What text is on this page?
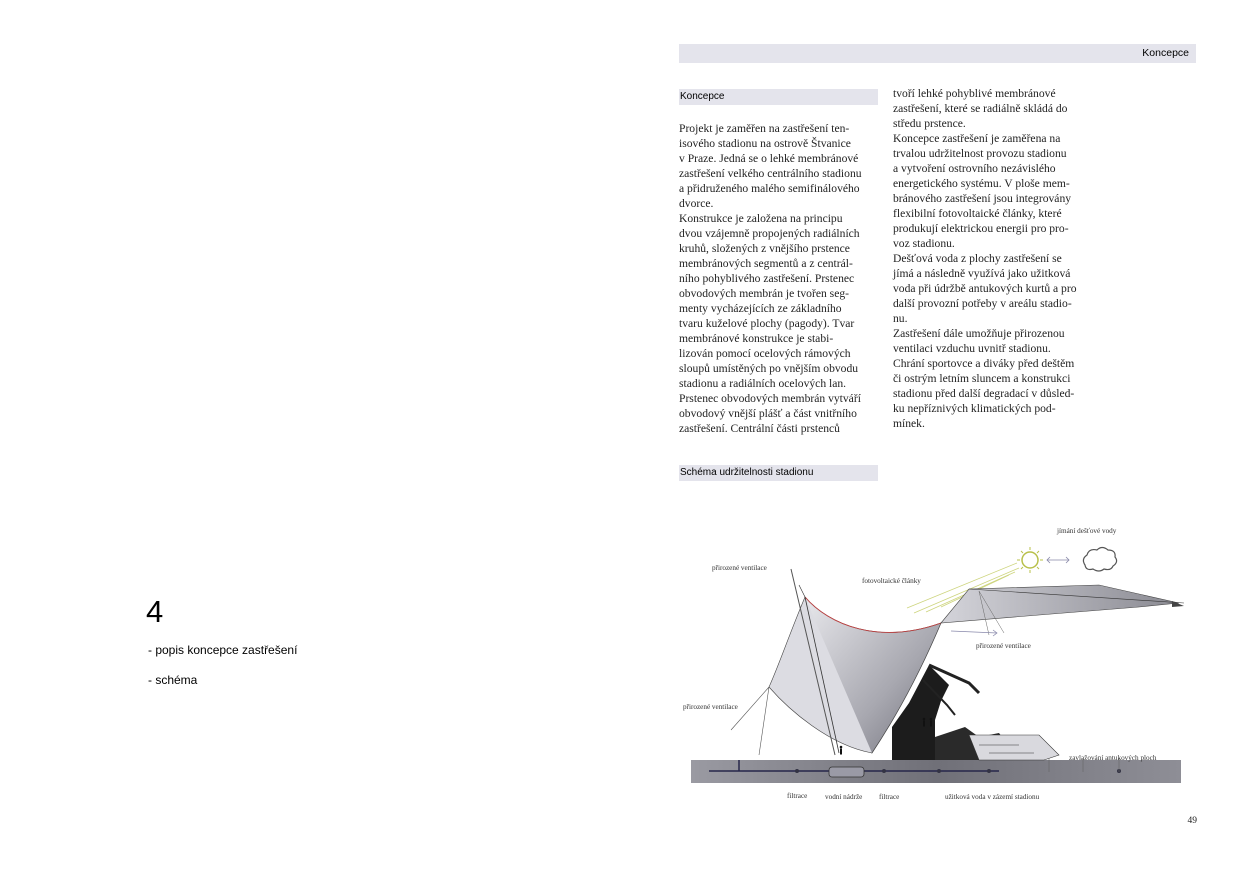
4
- popis koncepce zastřešení
- schéma
Koncepce
Koncepce

Projekt je zaměřen na zastřešení ten-

isového stadionu na ostrově Štvanice

v Praze. Jedná se o lehké membránové

zastřešení velkého centrálního stadionu

a přidruženého malého semifinálového

dvorce.

Konstrukce je založena na principu

dvou vzájemně propojených radiálních

kruhů, složených z vnějšího prstence

membránových segmentů a z centrál-

ního pohyblivého zastřešení. Prstenec

obvodových membrán je tvořen seg-

menty vycházejících ze základního

tvaru kuželové plochy (pagody). Tvar

membránové konstrukce je stabi-

lizován pomocí ocelových rámových

sloupů umístěných po vnějším obvodu

stadionu a radiálních ocelových lan.

Prstenec obvodových membrán vytváří

obvodový vnější plášť a část vnitřního

zastřešení. Centrální části prstenců

tvoří lehké pohyblivé membránové

zastřešení, které se radiálně skládá do

středu prstence.

Koncepce zastřešení je zaměřena na

trvalou udržitelnost provozu stadionu

a vytvoření ostrovního nezávislého

energetického systému. V ploše mem-

bránového zastřešení jsou integrovány

flexibilní fotovoltaické články, které

produkují elektrickou energii pro pro-

voz stadionu.

Dešťová voda z plochy zastřešení se

jímá a následně využívá jako užitková

voda při údržbě antukových kurtů a pro

další provozní potřeby v areálu stadio-

nu.

Zastřešení dále umožňuje přirozenou

ventilaci vzduchu uvnitř stadionu.

Chrání sportovce a diváky před deštěm

či ostrým letním sluncem a konstrukci

stadionu před další degradací v důsled-

ku nepříznivých klimatických pod-

mínek.

Schéma udržitelnosti stadionu
jímání dešťové vody
přirozené ventilace
fotovoltaické články
přirozené ventilace
přirozené ventilace
zavlažování antukových ploch
filtrace vodní nádrže filtrace	užitková voda v zázemí stadionu
49
